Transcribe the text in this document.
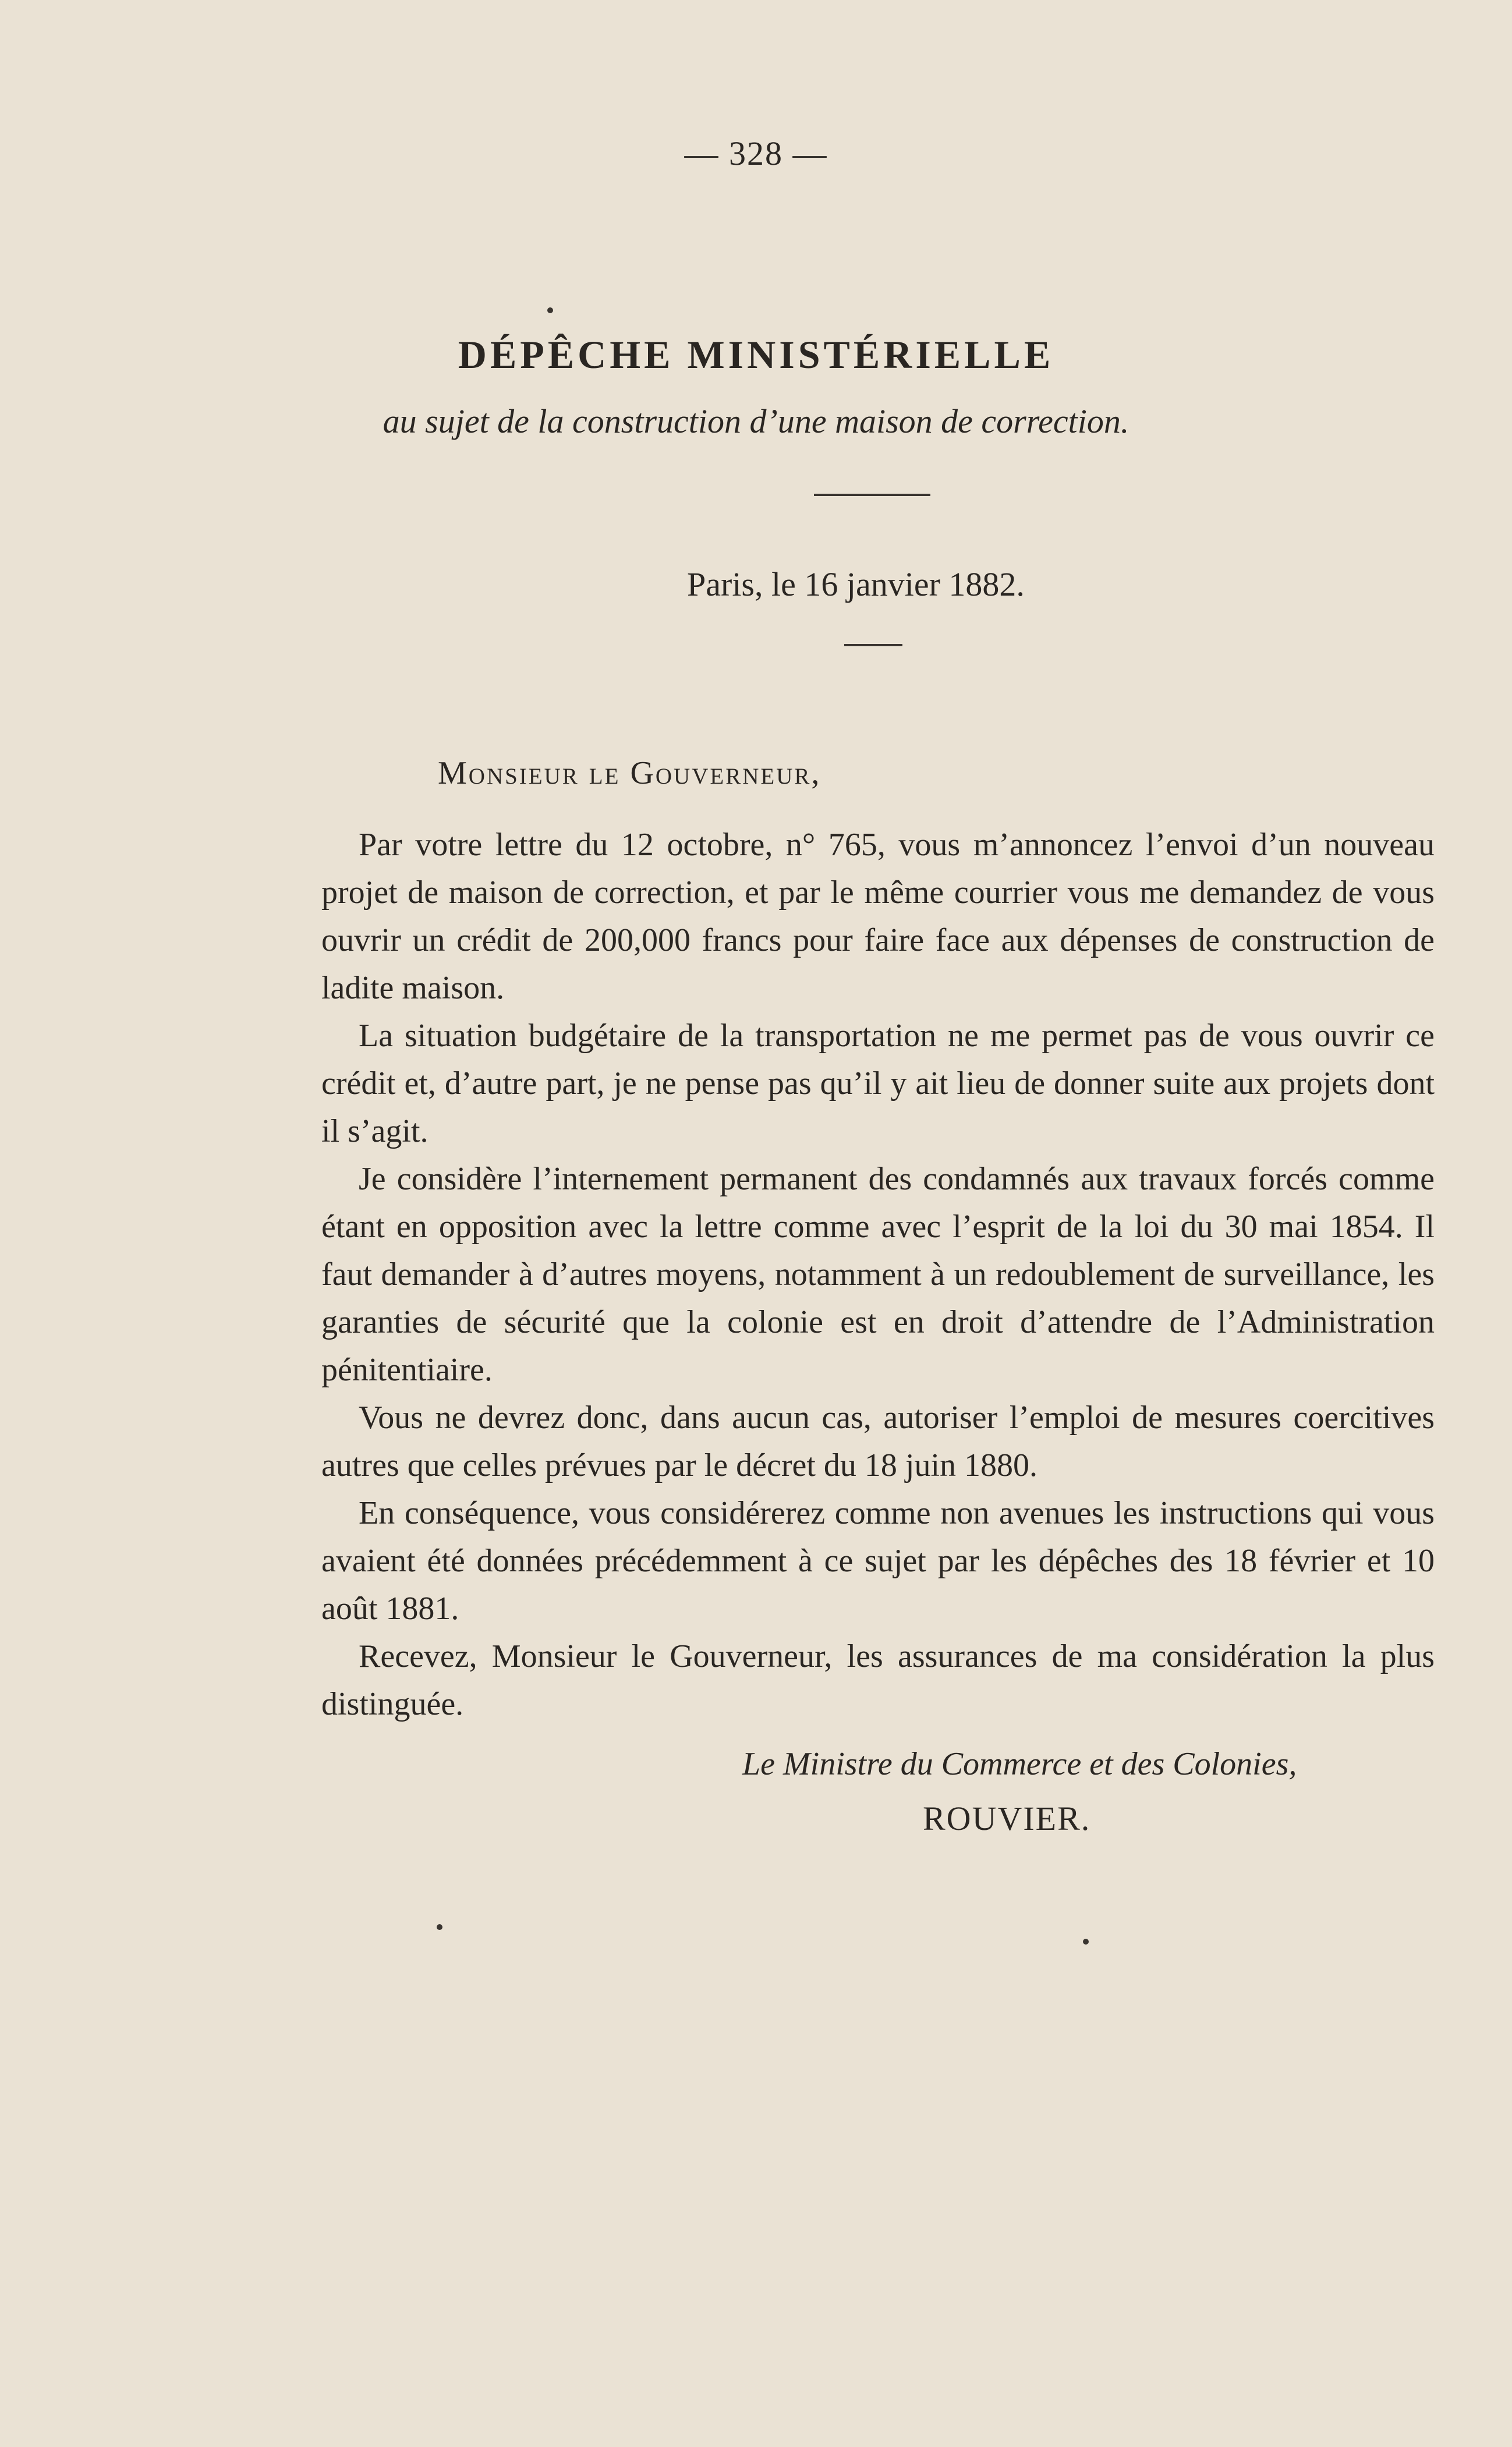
— 328 —
DÉPÊCHE MINISTÉRIELLE
au sujet de la construction d’une maison de correction.
Paris, le 16 janvier 1882.
Monsieur le Gouverneur,

Par votre lettre du 12 octobre, n° 765, vous m’annoncez l’envoi d’un nouveau projet de maison de correction, et par le même courrier vous me demandez de vous ouvrir un crédit de 200,000 francs pour faire face aux dépenses de construction de ladite maison.

La situation budgétaire de la transportation ne me permet pas de vous ouvrir ce crédit et, d’autre part, je ne pense pas qu’il y ait lieu de donner suite aux projets dont il s’agit.

Je considère l’internement permanent des condamnés aux travaux forcés comme étant en opposition avec la lettre comme avec l’esprit de la loi du 30 mai 1854. Il faut demander à d’autres moyens, notamment à un redoublement de surveillance, les garanties de sécurité que la colonie est en droit d’attendre de l’Administration pénitentiaire.

Vous ne devrez donc, dans aucun cas, autoriser l’emploi de mesures coercitives autres que celles prévues par le décret du 18 juin 1880.

En conséquence, vous considérerez comme non avenues les instructions qui vous avaient été données précédemment à ce sujet par les dépêches des 18 février et 10 août 1881.

Recevez, Monsieur le Gouverneur, les assurances de ma considération la plus distinguée.

Le Ministre du Commerce et des Colonies,
ROUVIER.
